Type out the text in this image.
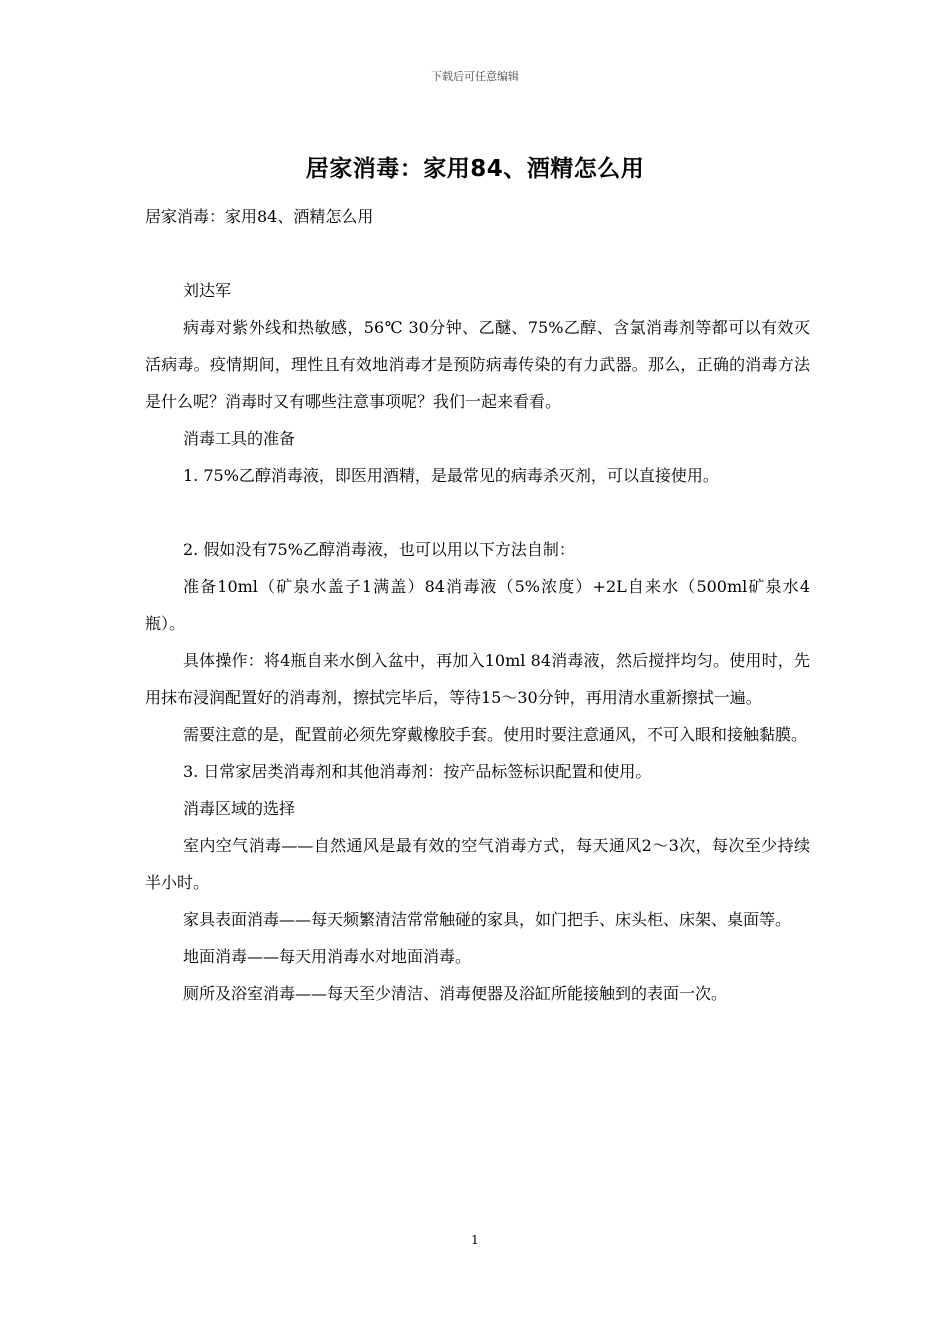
下载后可任意编辑
居家消毒：家用84、酒精怎么用

居家消毒：家用84、酒精怎么用

刘达军

病毒对紫外线和热敏感，56℃ 30分钟、乙醚、75%乙醇、含氯消毒剂等都可以有效灭活病毒。疫情期间，理性且有效地消毒才是预防病毒传染的有力武器。那么，正确的消毒方法是什么呢？消毒时又有哪些注意事项呢？我们一起来看看。

消毒工具的准备

1. 75%乙醇消毒液，即医用酒精，是最常见的病毒杀灭剂，可以直接使用。

2. 假如没有75%乙醇消毒液，也可以用以下方法自制：

准备10ml（矿泉水盖子1满盖）84消毒液（5%浓度）+2L自来水（500ml矿泉水4瓶）。

具体操作：将4瓶自来水倒入盆中，再加入10ml 84消毒液，然后搅拌均匀。使用时，先用抹布浸润配置好的消毒剂，擦拭完毕后，等待15～30分钟，再用清水重新擦拭一遍。

需要注意的是，配置前必须先穿戴橡胶手套。使用时要注意通风，不可入眼和接触黏膜。

3. 日常家居类消毒剂和其他消毒剂：按产品标签标识配置和使用。

消毒区域的选择

室内空气消毒——自然通风是最有效的空气消毒方式，每天通风2～3次，每次至少持续半小时。

家具表面消毒——每天频繁清洁常常触碰的家具，如门把手、床头柜、床架、桌面等。

地面消毒——每天用消毒水对地面消毒。

厕所及浴室消毒——每天至少清洁、消毒便器及浴缸所能接触到的表面一次。

1
